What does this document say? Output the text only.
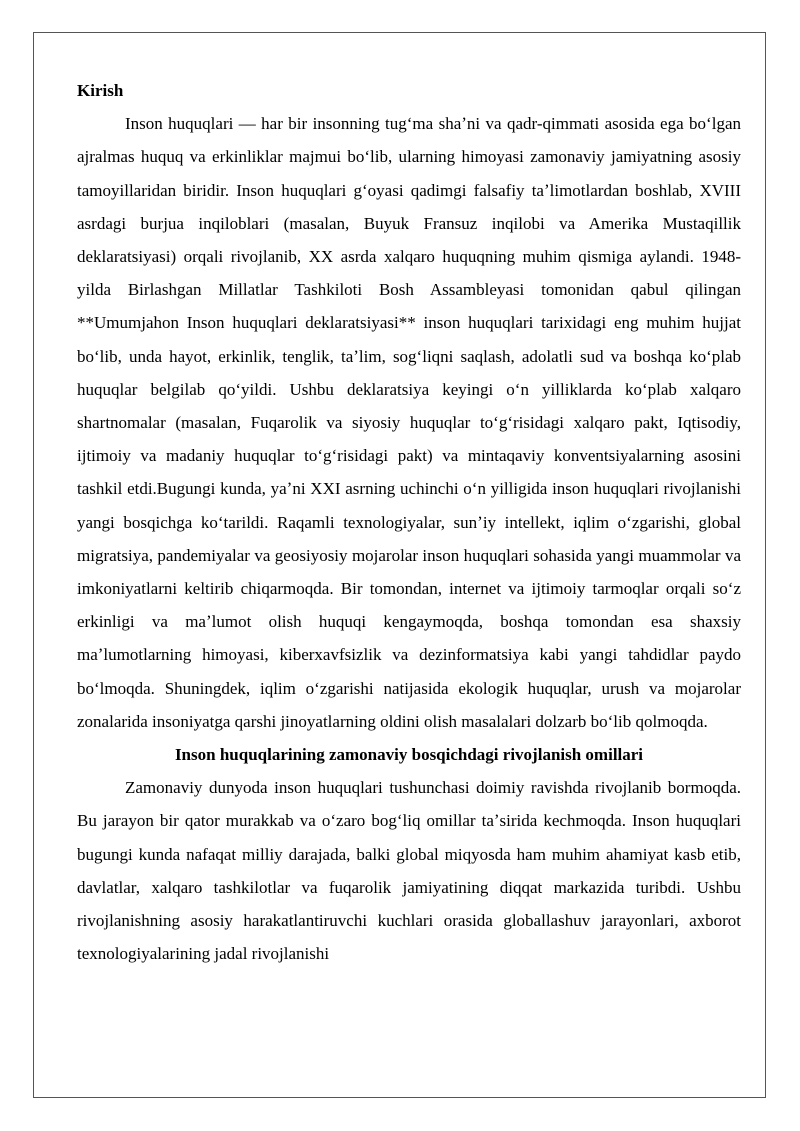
Kirish

Inson huquqlari — har bir insonning tugʻma shaʼni va qadr-qimmati asosida ega boʻlgan ajralmas huquq va erkinliklar majmui boʻlib, ularning himoyasi zamonaviy jamiyatning asosiy tamoyillaridan biridir. Inson huquqlari gʻoyasi qadimgi falsafiy taʼlimotlardan boshlab, XVIII asrdagi burjua inqiloblari (masalan, Buyuk Fransuz inqilobi va Amerika Mustaqillik deklaratsiyasi) orqali rivojlanib, XX asrda xalqaro huquqning muhim qismiga aylandi. 1948-yilda Birlashgan Millatlar Tashkiloti Bosh Assambleyasi tomonidan qabul qilingan **Umumjahon Inson huquqlari deklaratsiyasi** inson huquqlari tarixidagi eng muhim hujjat boʻlib, unda hayot, erkinlik, tenglik, taʼlim, sogʻliqni saqlash, adolatli sud va boshqa koʻplab huquqlar belgilab qoʻyildi. Ushbu deklaratsiya keyingi oʻn yilliklarda koʻplab xalqaro shartnomalar (masalan, Fuqarolik va siyosiy huquqlar toʻgʻrisidagi xalqaro pakt, Iqtisodiy, ijtimoiy va madaniy huquqlar toʻgʻrisidagi pakt) va mintaqaviy konventsiyalarning asosini tashkil etdi.Bugungi kunda, yaʼni XXI asrning uchinchi oʻn yilligida inson huquqlari rivojlanishi yangi bosqichga koʻtarildi. Raqamli texnologiyalar, sunʼiy intellekt, iqlim oʻzgarishi, global migratsiya, pandemiyalar va geosiyosiy mojarolar inson huquqlari sohasida yangi muammolar va imkoniyatlarni keltirib chiqarmoqda. Bir tomondan, internet va ijtimoiy tarmoqlar orqali soʻz erkinligi va maʼlumot olish huquqi kengaymoqda, boshqa tomondan esa shaxsiy maʼlumotlarning himoyasi, kiberxavfsizlik va dezinformatsiya kabi yangi tahdidlar paydo boʻlmoqda. Shuningdek, iqlim oʻzgarishi natijasida ekologik huquqlar, urush va mojarolar zonalarida insoniyatga qarshi jinoyatlarning oldini olish masalalari dolzarb boʻlib qolmoqda.

Inson huquqlarining zamonaviy bosqichdagi rivojlanish omillari

Zamonaviy dunyoda inson huquqlari tushunchasi doimiy ravishda rivojlanib bormoqda. Bu jarayon bir qator murakkab va oʻzaro bogʻliq omillar taʼsirida kechmoqda. Inson huquqlari bugungi kunda nafaqat milliy darajada, balki global miqyosda ham muhim ahamiyat kasb etib, davlatlar, xalqaro tashkilotlar va fuqarolik jamiyatining diqqat markazida turibdi. Ushbu rivojlanishning asosiy harakatlantiruvchi kuchlari orasida globallashuv jarayonlari, axborot texnologiyalarining jadal rivojlanishi
